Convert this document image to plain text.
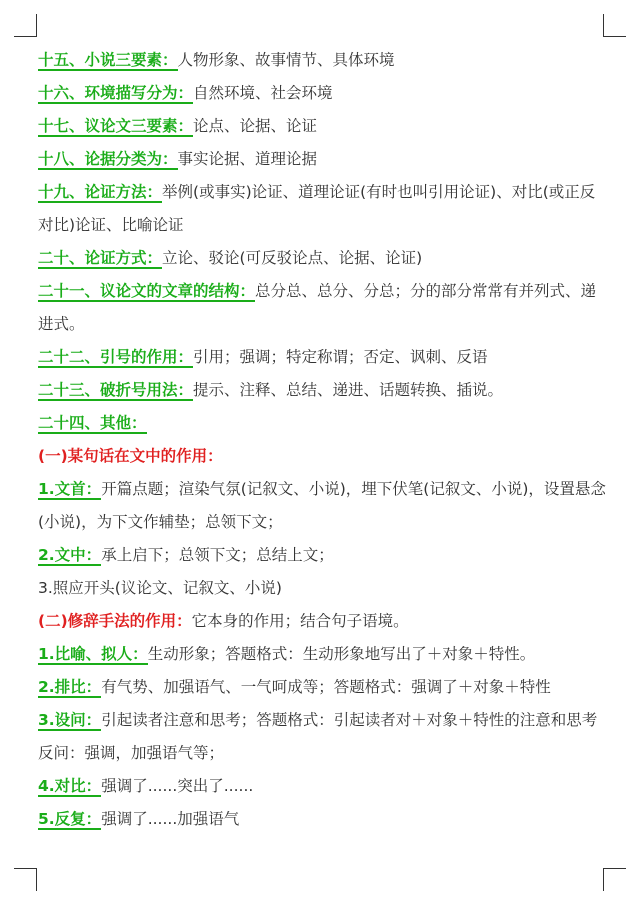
十五、小说三要素：人物形象、故事情节、具体环境

十六、环境描写分为：自然环境、社会环境

十七、议论文三要素：论点、论据、论证

十八、论据分类为：事实论据、道理论据

十九、论证方法：举例(或事实)论证、道理论证(有时也叫引用论证)、对比(或正反对比)论证、比喻论证

二十、论证方式：立论、驳论(可反驳论点、论据、论证)

二十一、议论文的文章的结构：总分总、总分、分总；分的部分常常有并列式、递进式。

二十二、引号的作用：引用；强调；特定称谓；否定、讽刺、反语

二十三、破折号用法：提示、注释、总结、递进、话题转换、插说。

二十四、其他：

(一)某句话在文中的作用：

1.文首：开篇点题；渲染气氛(记叙文、小说)，埋下伏笔(记叙文、小说)，设置悬念(小说)，为下文作辅垫；总领下文；

2.文中：承上启下；总领下文；总结上文；

3.照应开头(议论文、记叙文、小说)

(二)修辞手法的作用：它本身的作用；结合句子语境。

1.比喻、拟人：生动形象；答题格式：生动形象地写出了＋对象＋特性。

2.排比：有气势、加强语气、一气呵成等；答题格式：强调了＋对象＋特性

3.设问：引起读者注意和思考；答题格式：引起读者对＋对象＋特性的注意和思考反问：强调，加强语气等；

4.对比：强调了......突出了......

5.反复：强调了......加强语气
